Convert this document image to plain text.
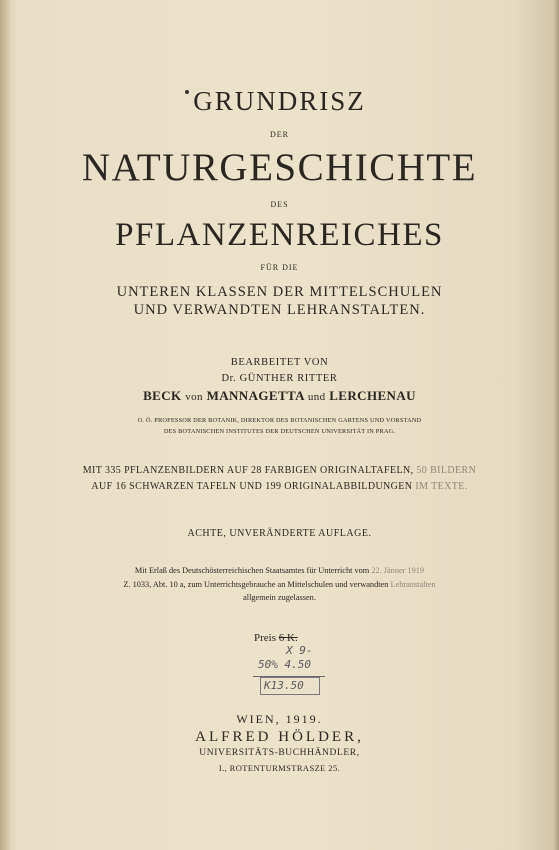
GRUNDRISZ
DER
NATURGESCHICHTE
DES
PFLANZENREICHES
FÜR DIE
UNTEREN KLASSEN DER MITTELSCHULEN
UND VERWANDTEN LEHRANSTALTEN.
BEARBEITET VON
Dr. GÜNTHER RITTER
BECK von MANNAGETTA und LERCHENAU
O. Ö. PROFESSOR DER BOTANIK, DIREKTOR DES BOTANISCHEN GARTENS UND VORSTAND
DES BOTANISCHEN INSTITUTES DER DEUTSCHEN UNIVERSITÄT IN PRAG.
MIT 335 PFLANZENBILDERN AUF 28 FARBIGEN ORIGINALTAFELN, 50 BILDERN
AUF 16 SCHWARZEN TAFELN UND 199 ORIGINALABBILDUNGEN IM TEXTE.
ACHTE, UNVERÄNDERTE AUFLAGE.
Mit Erlaß des Deutschösterreichischen Staatsamtes für Unterricht vom 22. Jänner 1919
Z. 1033, Abt. 10 a, zum Unterrichtsgebrauche an Mittelschulen und verwandten Lehranstalten
allgemein zugelassen.
Preis 6 K.
X 9-
50% 4.50
K13.50
WIEN, 1919.
ALFRED HÖLDER,
UNIVERSITÄTS-BUCHHÄNDLER,
I., ROTENTURMSTRASZE 25.
